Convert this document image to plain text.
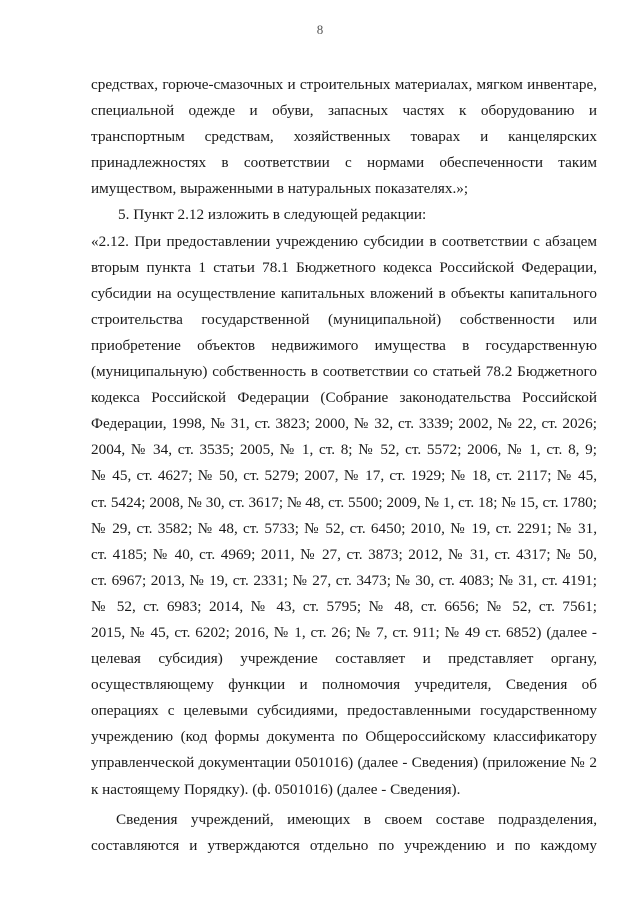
8
средствах, горюче-смазочных и строительных материалах, мягком инвентаре,
специальной одежде и обуви, запасных частях к оборудованию и
транспортным средствам, хозяйственных товарах и канцелярских
принадлежностях в соответствии с нормами обеспеченности таким
имуществом, выраженными в натуральных показателях.»;
5. Пункт 2.12 изложить в следующей редакции:
«2.12. При предоставлении учреждению субсидии в соответствии с абзацем
вторым пункта 1 статьи 78.1 Бюджетного кодекса Российской Федерации,
субсидии на осуществление капитальных вложений в объекты капитального
строительства государственной (муниципальной) собственности или
приобретение объектов недвижимого имущества в государственную
(муниципальную) собственность в соответствии со статьей 78.2 Бюджетного
кодекса Российской Федерации (Собрание законодательства Российской
Федерации, 1998, № 31, ст. 3823; 2000, № 32, ст. 3339; 2002, № 22, ст. 2026;
2004, № 34, ст. 3535; 2005, № 1, ст. 8; № 52, ст. 5572; 2006, № 1, ст. 8, 9;
№ 45, ст. 4627; № 50, ст. 5279; 2007, № 17, ст. 1929; № 18, ст. 2117; № 45,
ст. 5424; 2008, № 30, ст. 3617; № 48, ст. 5500; 2009, № 1, ст. 18; № 15, ст. 1780;
№ 29, ст. 3582; № 48, ст. 5733; № 52, ст. 6450; 2010, № 19, ст. 2291; № 31,
ст. 4185; № 40, ст. 4969; 2011, № 27, ст. 3873; 2012, № 31, ст. 4317; № 50,
ст. 6967; 2013, № 19, ст. 2331; № 27, ст. 3473; № 30, ст. 4083; № 31, ст. 4191;
№ 52, ст. 6983; 2014, № 43, ст. 5795; № 48, ст. 6656; № 52, ст. 7561;
2015, № 45, ст. 6202; 2016, № 1, ст. 26; № 7, ст. 911; № 49 ст. 6852) (далее -
целевая субсидия) учреждение составляет и представляет органу,
осуществляющему функции и полномочия учредителя, Сведения об
операциях с целевыми субсидиями, предоставленными государственному
учреждению (код формы документа по Общероссийскому классификатору
управленческой документации 0501016) (далее - Сведения) (приложение № 2
к настоящему Порядку). (ф. 0501016) (далее - Сведения).
Сведения учреждений, имеющих в своем составе подразделения,
составляются и утверждаются отдельно по учреждению и по каждому
